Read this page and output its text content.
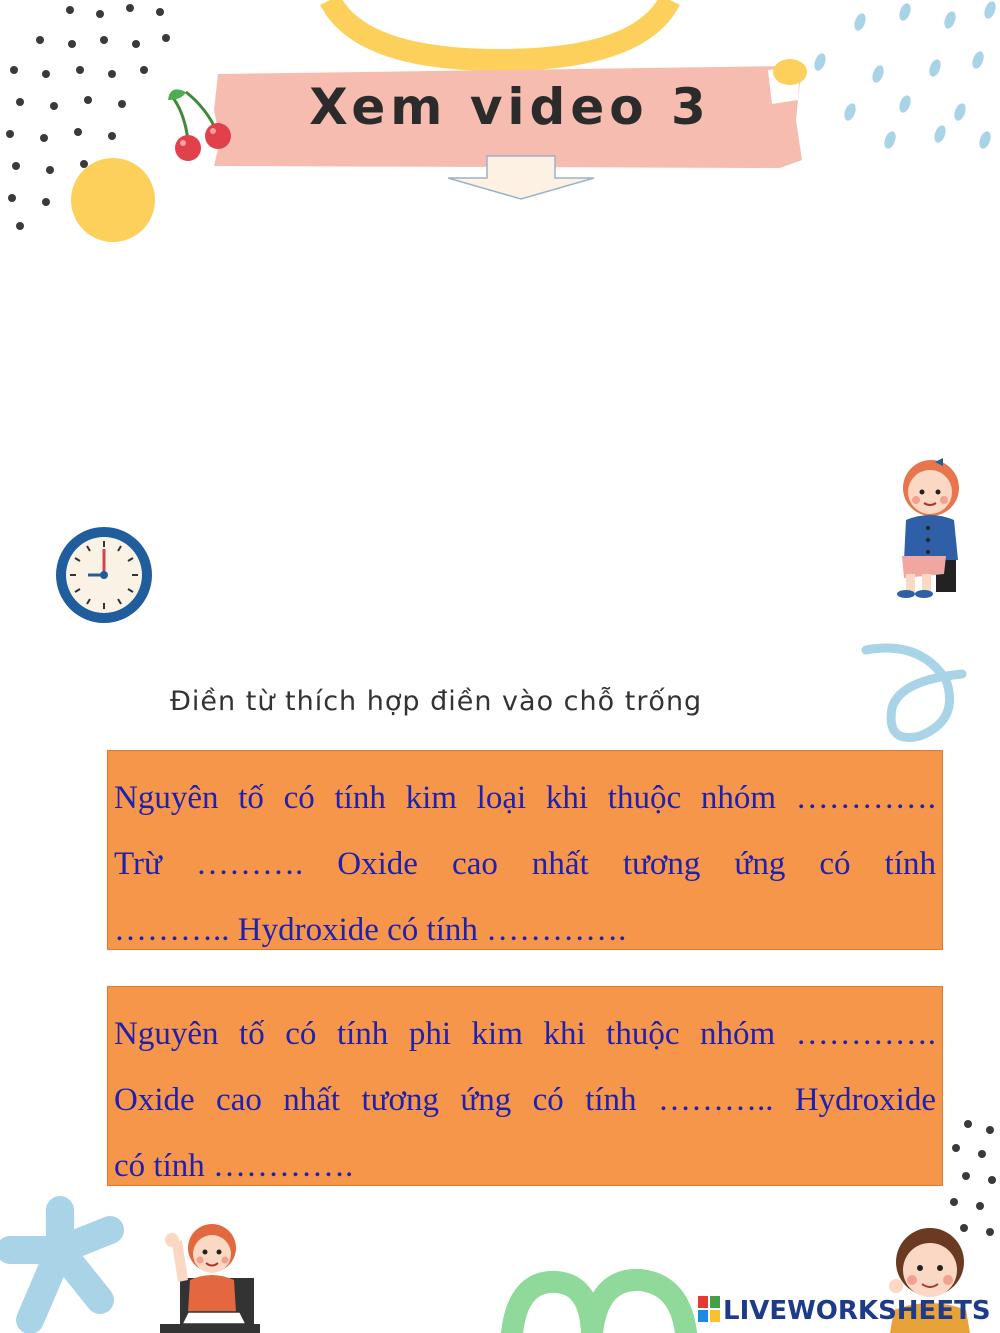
Xem video 3
Điền từ thích hợp điền vào chỗ trống
Nguyên tố có tính kim loại khi thuộc nhóm ………….
Trừ ………. Oxide cao nhất tương ứng có tính
……….. Hydroxide có tính ………….
Nguyên tố có tính phi kim khi thuộc nhóm ………….
Oxide cao nhất tương ứng có tính ……….. Hydroxide
có tính ………….
LIVEWORKSHEETS
